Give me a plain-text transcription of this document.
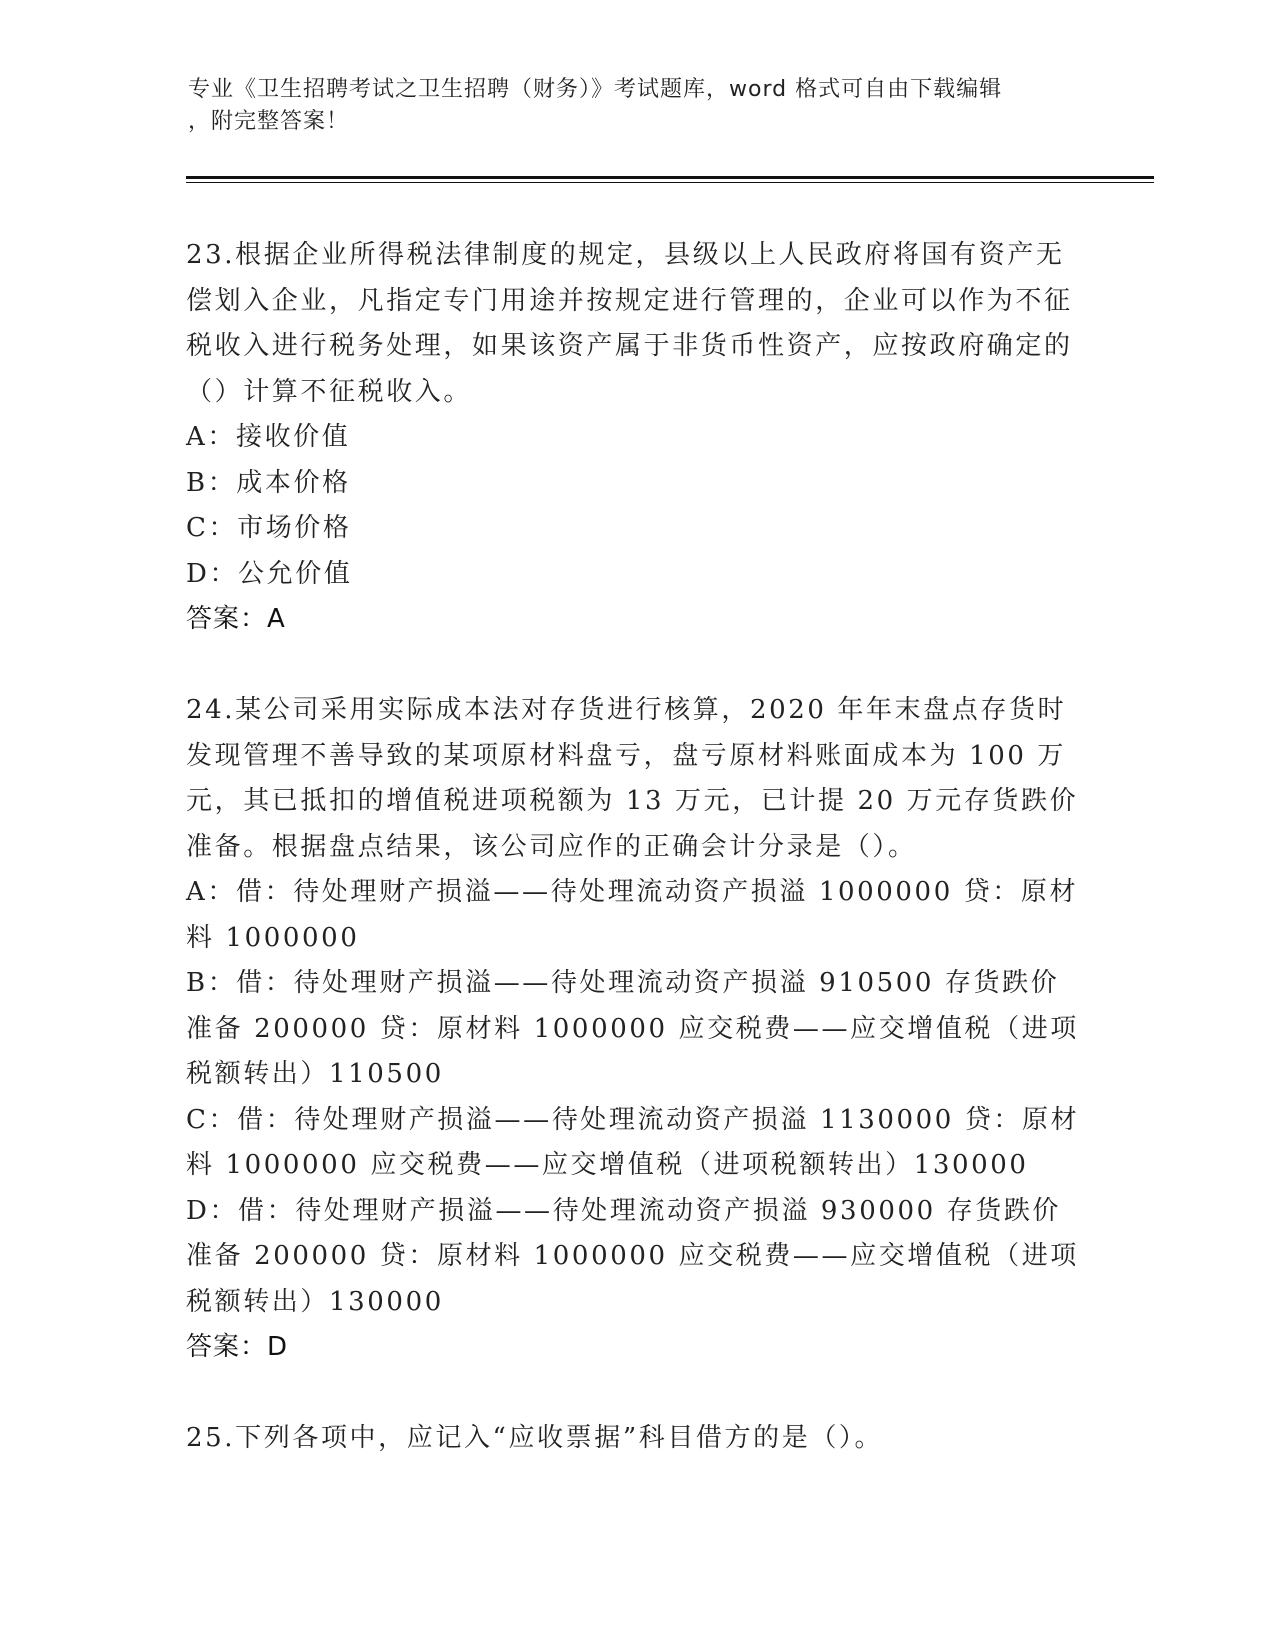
专业《卫生招聘考试之卫生招聘（财务）》考试题库，word 格式可自由下载编辑
，附完整答案！

23.根据企业所得税法律制度的规定，县级以上人民政府将国有资产无偿划入企业，凡指定专门用途并按规定进行管理的，企业可以作为不征税收入进行税务处理，如果该资产属于非货币性资产，应按政府确定的（）计算不征税收入。

A：接收价值

B：成本价格

C：市场价格

D：公允价值

答案：A

24.某公司采用实际成本法对存货进行核算，2020 年年末盘点存货时发现管理不善导致的某项原材料盘亏，盘亏原材料账面成本为 100 万元，其已抵扣的增值税进项税额为 13 万元，已计提 20 万元存货跌价准备。根据盘点结果，该公司应作的正确会计分录是（）。

A：借：待处理财产损溢——待处理流动资产损溢 1000000 贷：原材料 1000000

B：借：待处理财产损溢——待处理流动资产损溢 910500 存货跌价准备 200000 贷：原材料 1000000 应交税费——应交增值税（进项税额转出）110500

C：借：待处理财产损溢——待处理流动资产损溢 1130000 贷：原材料 1000000 应交税费——应交增值税（进项税额转出）130000

D：借：待处理财产损溢——待处理流动资产损溢 930000 存货跌价准备 200000 贷：原材料 1000000 应交税费——应交增值税（进项税额转出）130000

答案：D

25.下列各项中，应记入“应收票据”科目借方的是（）。
